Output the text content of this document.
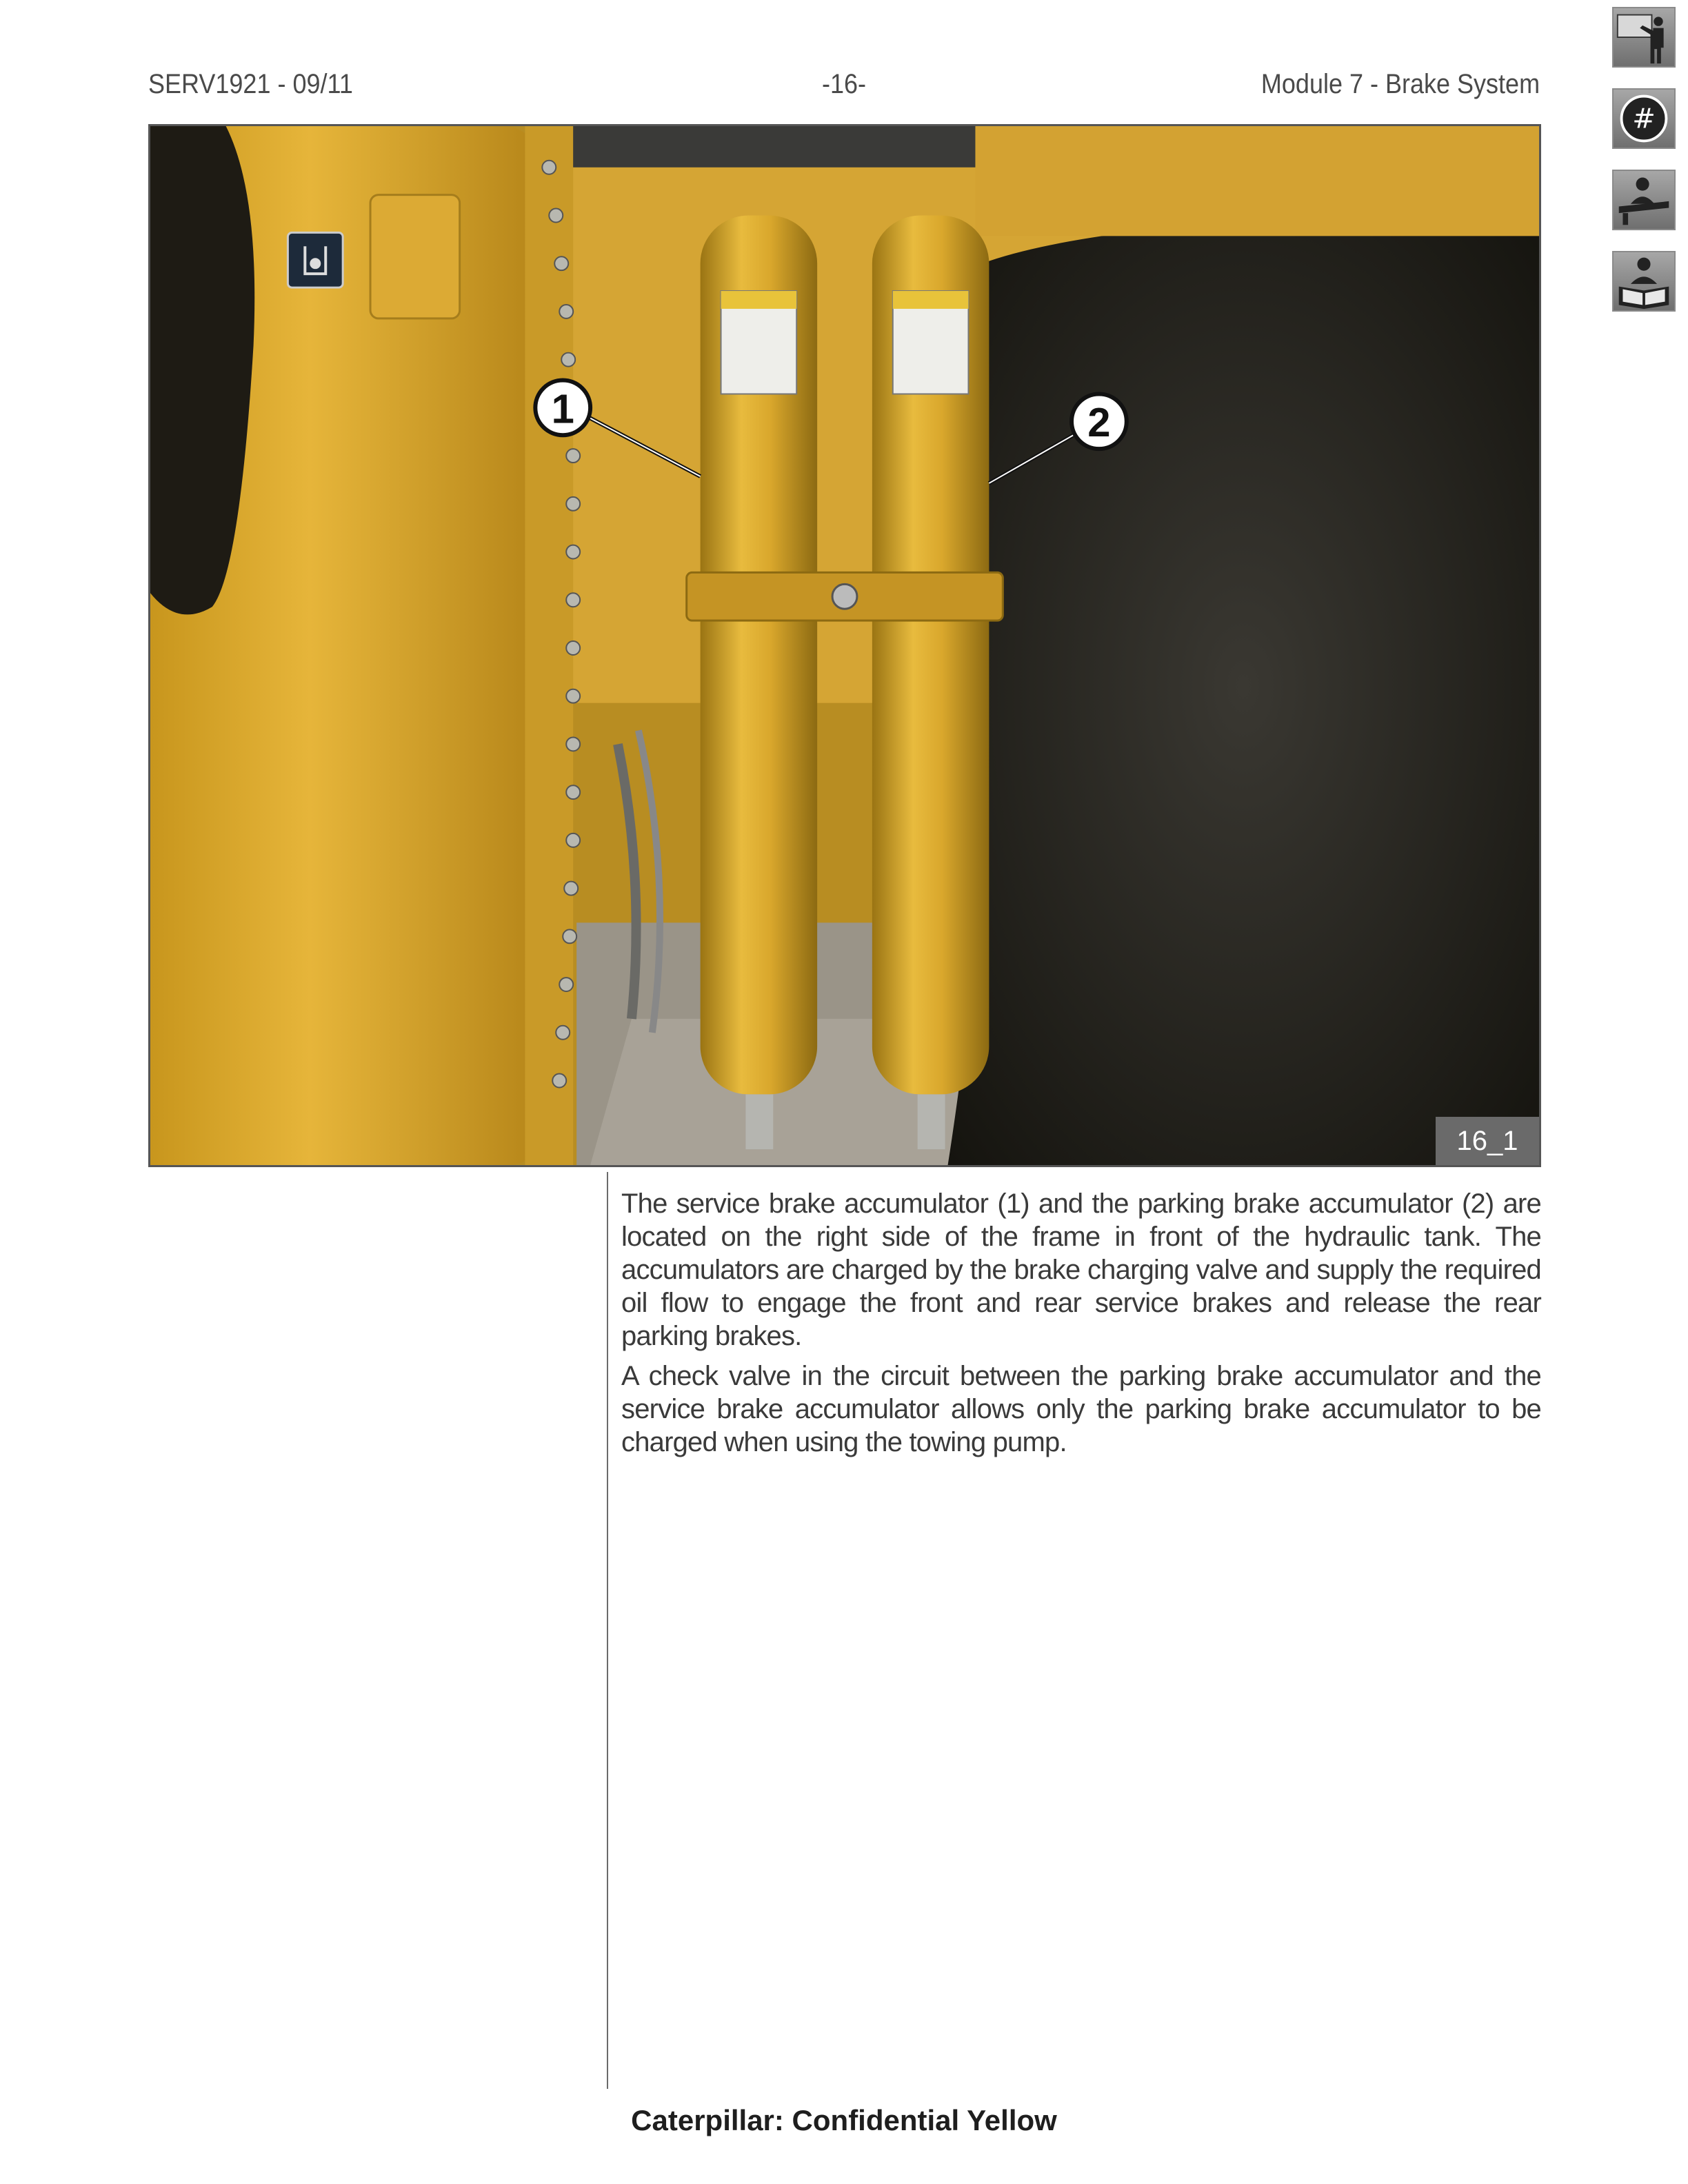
SERV1921 - 09/11	-16-	Module 7 - Brake System
#
1	2
16_1

The service brake accumulator (1) and the parking brake accumulator (2) are located on the right side of the frame in front of the hydraulic tank. The accumulators are charged by the brake charging valve and supply the required oil flow to engage the front and rear service brakes and release the rear parking brakes.

A check valve in the circuit between the parking brake accumulator and the service brake accumulator allows only the parking brake accumulator to be charged when using the towing pump.

Caterpillar: Confidential Yellow
